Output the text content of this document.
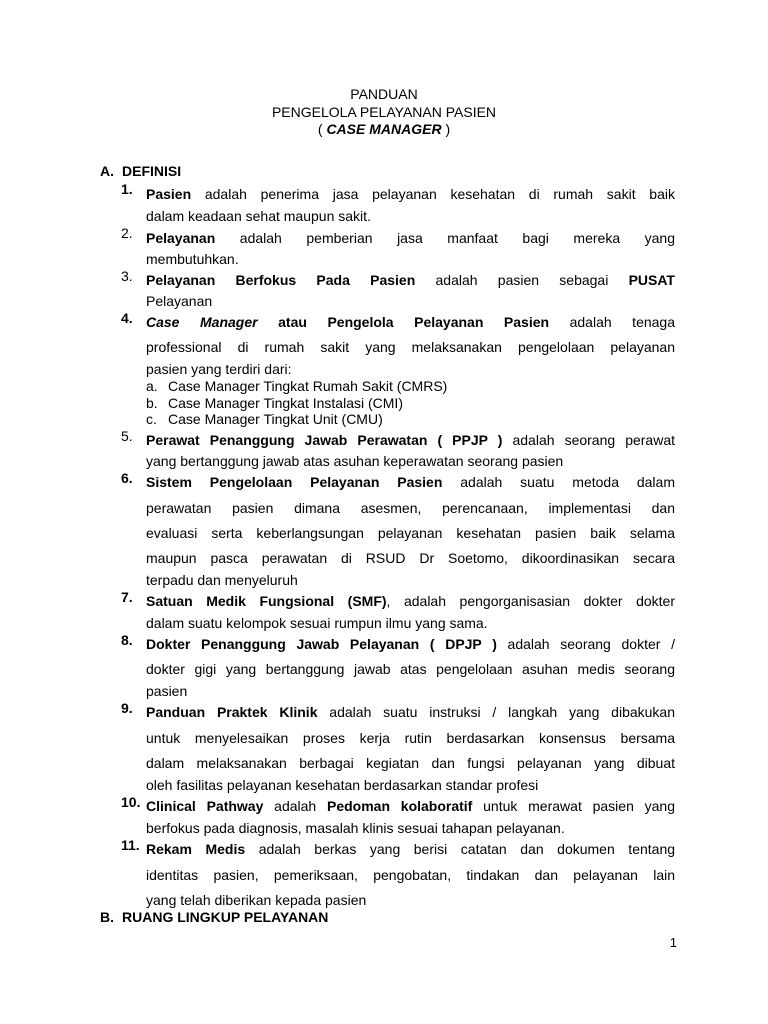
PANDUAN
PENGELOLA PELAYANAN PASIEN
( CASE MANAGER )
A. DEFINISI
1. Pasien adalah penerima jasa pelayanan kesehatan di rumah sakit baik
dalam keadaan sehat maupun sakit.
2. Pelayanan adalah pemberian jasa manfaat bagi mereka yang
membutuhkan.
3. Pelayanan Berfokus Pada Pasien adalah pasien sebagai PUSAT
Pelayanan
4. Case Manager atau Pengelola Pelayanan Pasien adalah tenaga
professional di rumah sakit yang melaksanakan pengelolaan pelayanan
pasien yang terdiri dari:
a. Case Manager Tingkat Rumah Sakit (CMRS)
b. Case Manager Tingkat Instalasi (CMI)
c. Case Manager Tingkat Unit (CMU)
5. Perawat Penanggung Jawab Perawatan ( PPJP ) adalah seorang perawat
yang bertanggung jawab atas asuhan keperawatan seorang pasien
6. Sistem Pengelolaan Pelayanan Pasien adalah suatu metoda dalam
perawatan pasien dimana asesmen, perencanaan, implementasi dan
evaluasi serta keberlangsungan pelayanan kesehatan pasien baik selama
maupun pasca perawatan di RSUD Dr Soetomo, dikoordinasikan secara
terpadu dan menyeluruh
7. Satuan Medik Fungsional (SMF), adalah pengorganisasian dokter dokter
dalam suatu kelompok sesuai rumpun ilmu yang sama.
8. Dokter Penanggung Jawab Pelayanan ( DPJP ) adalah seorang dokter /
dokter gigi yang bertanggung jawab atas pengelolaan asuhan medis seorang
pasien
9. Panduan Praktek Klinik adalah suatu instruksi / langkah yang dibakukan
untuk menyelesaikan proses kerja rutin berdasarkan konsensus bersama
dalam melaksanakan berbagai kegiatan dan fungsi pelayanan yang dibuat
oleh fasilitas pelayanan kesehatan berdasarkan standar profesi
10. Clinical Pathway adalah Pedoman kolaboratif untuk merawat pasien yang
berfokus pada diagnosis, masalah klinis sesuai tahapan pelayanan.
11. Rekam Medis adalah berkas yang berisi catatan dan dokumen tentang
identitas pasien, pemeriksaan, pengobatan, tindakan dan pelayanan lain
yang telah diberikan kepada pasien
B. RUANG LINGKUP PELAYANAN
1
